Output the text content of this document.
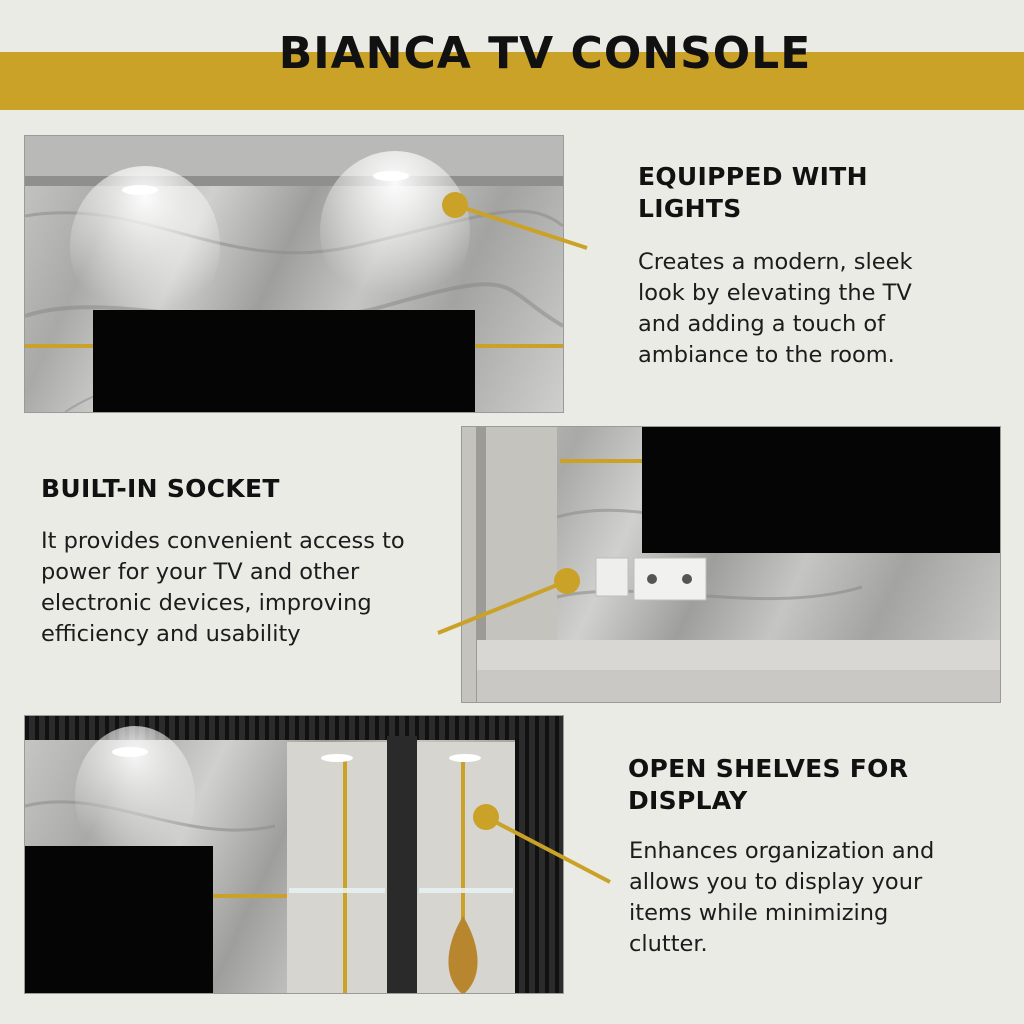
BIANCA TV CONSOLE
EQUIPPED WITH
LIGHTS
Creates a modern, sleek
look by elevating the TV
and adding a touch of
ambiance to the room.
BUILT-IN SOCKET
It provides convenient access to
power for your TV and other
electronic devices, improving
efficiency and usability
OPEN SHELVES FOR
DISPLAY
Enhances organization and
allows you to display your
items while minimizing
clutter.
